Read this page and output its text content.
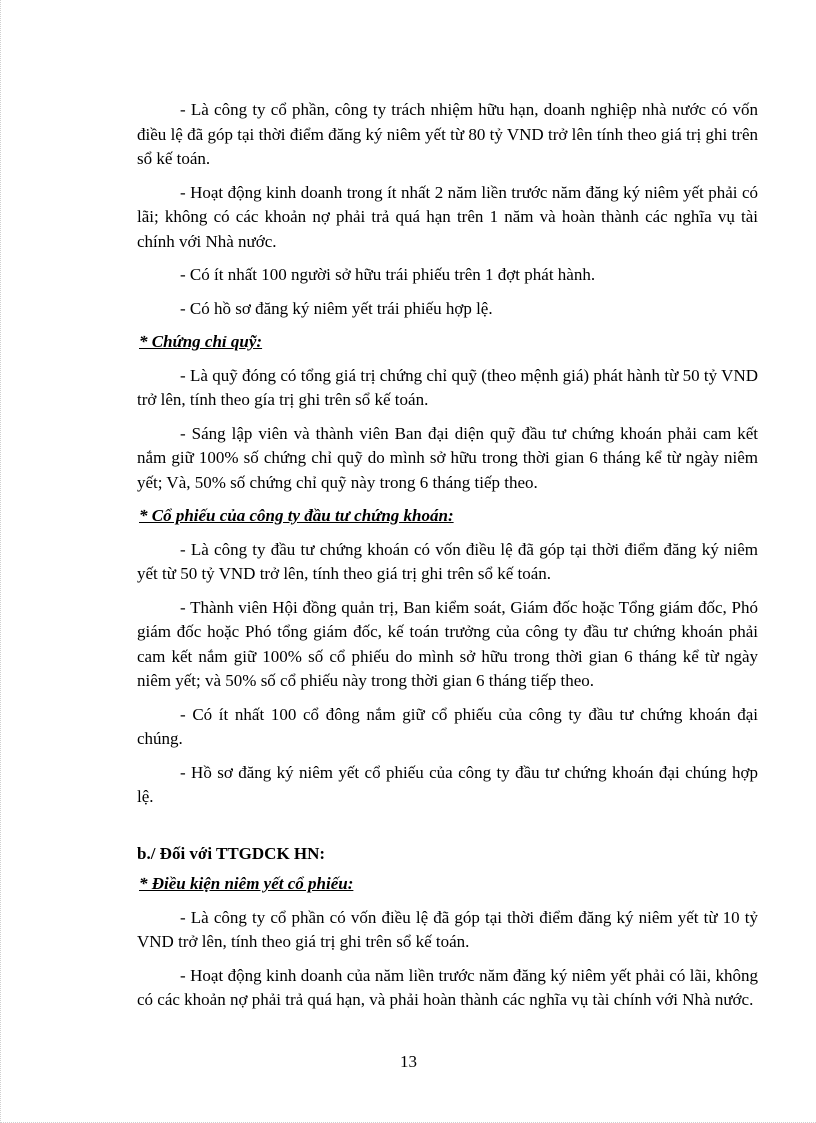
- Là công ty cổ phần, công ty trách nhiệm hữu hạn, doanh nghiệp nhà nước có vốn điều lệ đã góp tại thời điểm đăng ký niêm yết từ 80 tỷ VND trở lên tính theo giá trị ghi trên sổ kế toán.

- Hoạt động kinh doanh trong ít nhất 2 năm liền trước năm đăng ký niêm yết phải có lãi; không có các khoản nợ phải trả quá hạn trên 1 năm và hoàn thành các nghĩa vụ tài chính với Nhà nước.

- Có ít nhất 100 người sở hữu trái phiếu trên 1 đợt phát hành.

- Có hồ sơ đăng ký niêm yết trái phiếu hợp lệ.

* Chứng chỉ quỹ:

- Là quỹ đóng có tổng giá trị chứng chỉ quỹ (theo mệnh giá) phát hành từ 50 tỷ VND trở lên, tính theo gía trị ghi trên sổ kế toán.

- Sáng lập viên và thành viên Ban đại diện quỹ đầu tư chứng khoán phải cam kết nắm giữ 100% số chứng chỉ quỹ do mình sở hữu trong thời gian 6 tháng kể từ ngày niêm yết; Và, 50% số chứng chỉ quỹ này trong 6 tháng tiếp theo.

* Cổ phiếu của công ty đầu tư chứng khoán:

- Là công ty đầu tư chứng khoán có vốn điều lệ đã góp tại thời điểm đăng ký niêm yết từ 50 tỷ VND trở lên, tính theo giá trị ghi trên sổ kế toán.

- Thành viên Hội đồng quản trị, Ban kiểm soát, Giám đốc hoặc Tổng giám đốc, Phó giám đốc hoặc Phó tổng giám đốc, kế toán trưởng của công ty đầu tư chứng khoán phải cam kết nắm giữ 100% số cổ phiếu do mình sở hữu trong thời gian 6 tháng kể từ ngày niêm yết; và 50% số cổ phiếu này trong thời gian 6 tháng tiếp theo.

- Có ít nhất 100 cổ đông nắm giữ cổ phiếu của công ty đầu tư chứng khoán đại chúng.

- Hồ sơ đăng ký niêm yết cổ phiếu của công ty đầu tư chứng khoán đại chúng hợp lệ.

b./ Đối với TTGDCK HN:

* Điều kiện niêm yết cổ phiếu:

- Là công ty cổ phần có vốn điều lệ đã góp tại thời điểm đăng ký niêm yết từ 10 tỷ VND trở lên, tính theo giá trị ghi trên sổ kế toán.

- Hoạt động kinh doanh của năm liền trước năm đăng ký niêm yết phải có lãi, không có các khoản nợ phải trả quá hạn, và phải hoàn thành các nghĩa vụ tài chính với Nhà nước.

13
